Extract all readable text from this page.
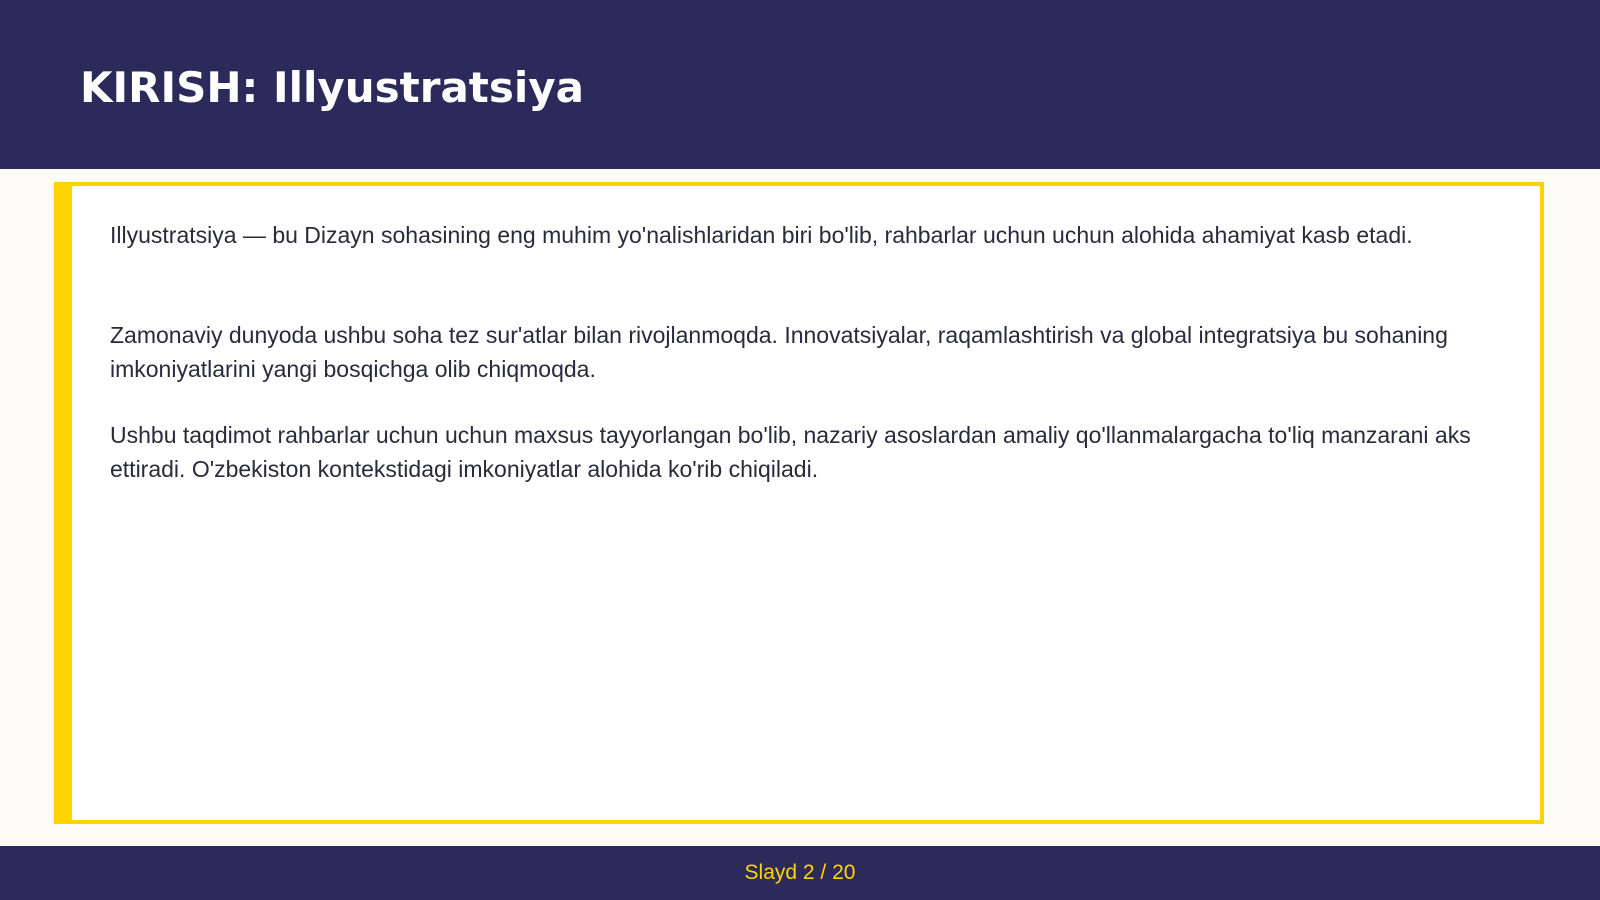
KIRISH: Illyustratsiya

Illyustratsiya — bu Dizayn sohasining eng muhim yo'nalishlaridan biri bo'lib, rahbarlar uchun uchun alohida ahamiyat kasb etadi.

Zamonaviy dunyoda ushbu soha tez sur'atlar bilan rivojlanmoqda. Innovatsiyalar, raqamlashtirish va global integratsiya bu sohaning imkoniyatlarini yangi bosqichga olib chiqmoqda.

Ushbu taqdimot rahbarlar uchun uchun maxsus tayyorlangan bo'lib, nazariy asoslardan amaliy qo'llanmalargacha to'liq manzarani aks ettiradi. O'zbekiston kontekstidagi imkoniyatlar alohida ko'rib chiqiladi.

Slayd 2 / 20
